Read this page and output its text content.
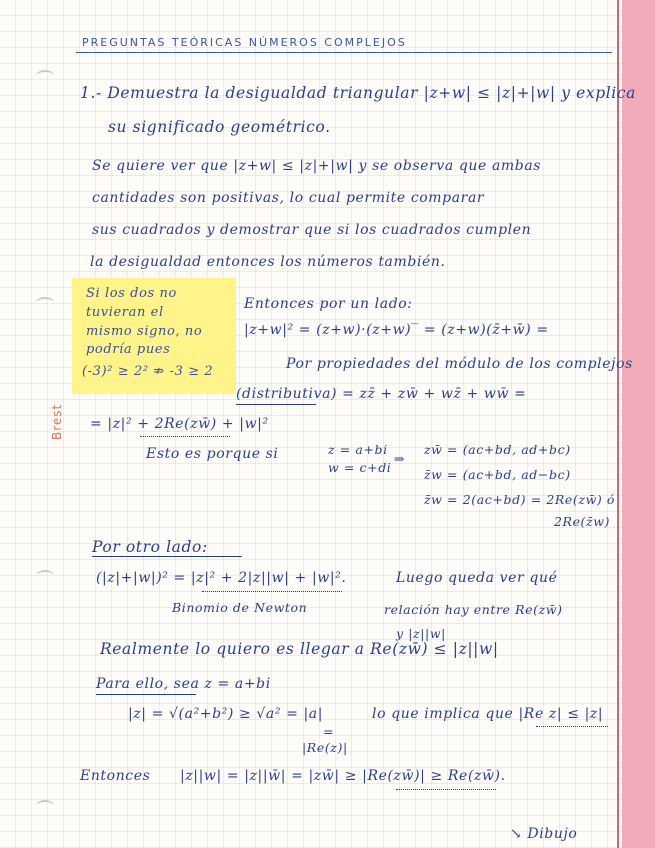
Brest
PREGUNTAS TEÓRICAS NÚMEROS COMPLEJOS
1.- Demuestra la desigualdad triangular |z+w| ≤ |z|+|w| y explica
su significado geométrico.
Se quiere ver que |z+w| ≤ |z|+|w| y se observa que ambas
cantidades son positivas, lo cual permite comparar
sus cuadrados y demostrar que si los cuadrados cumplen
la desigualdad entonces los números también.
Si los dos no
tuvieran el
mismo signo, no
podría pues
(-3)² ≥ 2² ⇏ -3 ≥ 2
Entonces por un lado:
|z+w|² = (z+w)·(z+w)‾ = (z+w)(z̄+w̄) =
Por propiedades del módulo de los complejos
(distributiva) = zz̄ + zw̄ + wz̄ + ww̄ =
= |z|² + 2Re(zw̄) + |w|²
Esto es porque si	z = a+bi
w = c+di
⇒
zw̄ = (ac+bd, ad+bc)
z̄w = (ac+bd, ad−bc)
z̄w = 2(ac+bd) = 2Re(zw̄) ó
2Re(z̄w)
Por otro lado:
(|z|+|w|)² = |z|² + 2|z||w| + |w|².
Binomio de Newton
Luego queda ver qué
relación hay entre Re(zw̄)
y |z||w|
Realmente lo quiero es llegar a Re(zw̄) ≤ |z||w|
Para ello, sea z = a+bi
|z| = √(a²+b²) ≥ √a² = |a|	lo que implica que |Re z| ≤ |z|
=
|Re(z)|
Entonces |z||w| = |z||w̄| = |zw̄| ≥ |Re(zw̄)| ≥ Re(zw̄).
↘ Dibujo
